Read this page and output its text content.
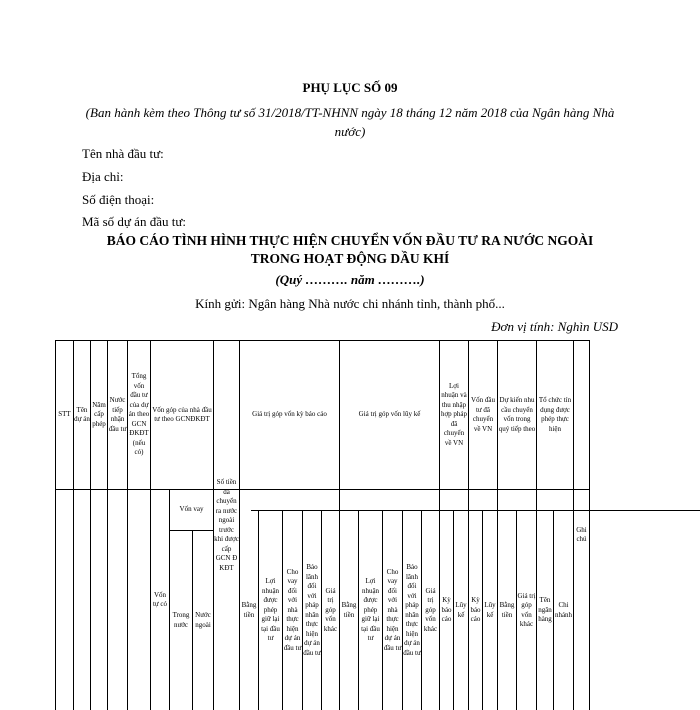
PHỤ LỤC SỐ 09
(Ban hành kèm theo Thông tư số 31/2018/TT-NHNN ngày 18 tháng 12 năm 2018 của Ngân hàng Nhà nước)
Tên nhà đầu tư:
Địa chỉ:
Số điện thoại:
Mã số dự án đầu tư:
BÁO CÁO TÌNH HÌNH THỰC HIỆN CHUYỂN VỐN ĐẦU TƯ RA NƯỚC NGOÀI
TRONG HOẠT ĐỘNG DẦU KHÍ
(Quý ………. năm ……….)
Kính gửi: Ngân hàng Nhà nước chi nhánh tỉnh, thành phố...
Đơn vị tính: Nghìn USD
STT
Tên dự án
Năm cấp phép
Nước tiếp nhận đầu tư
Tổng vốn đầu tư của dự án theo GCN ĐKĐT (nếu có)
Vốn góp của nhà đầu tư theo GCNĐKĐT
Số tiền đã chuyển ra nước ngoài trước khi được cấp GCN Đ KĐT
Giá trị góp vốn kỳ báo cáo	Giá trị góp vốn lũy kế
Lợi nhuận và thu nhập hợp pháp đã chuyển về VN
Vốn đầu tư đã chuyển về VN
Dự kiến nhu cầu chuyển vốn trong quý tiếp theo
Tổ chức tín dụng được phép thực hiện
Ghi chú
Vốn tự có
Vốn vay
Trong nước
Nước ngoài
Bằng tiền
Lợi nhuận được phép giữ lại tại đầu tư
Cho vay đối với nhà thực hiện dự án đầu tư
Bảo lãnh đối với pháp nhân thực hiện dự án đầu tư
Giá trị góp vốn khác
Bằng tiền
Lợi nhuận được phép giữ lại tại đầu tư
Cho vay đối với nhà thực hiện dự án đầu tư
Bảo lãnh đối với pháp nhân thực hiện dự án đầu tư
Giá trị góp vốn khác
Kỳ báo cáo
Lũy kế
Kỳ báo cáo
Lũy kế
Bằng tiền
Giá trị góp vốn khác
Tên ngân hàng
Chi nhánh
